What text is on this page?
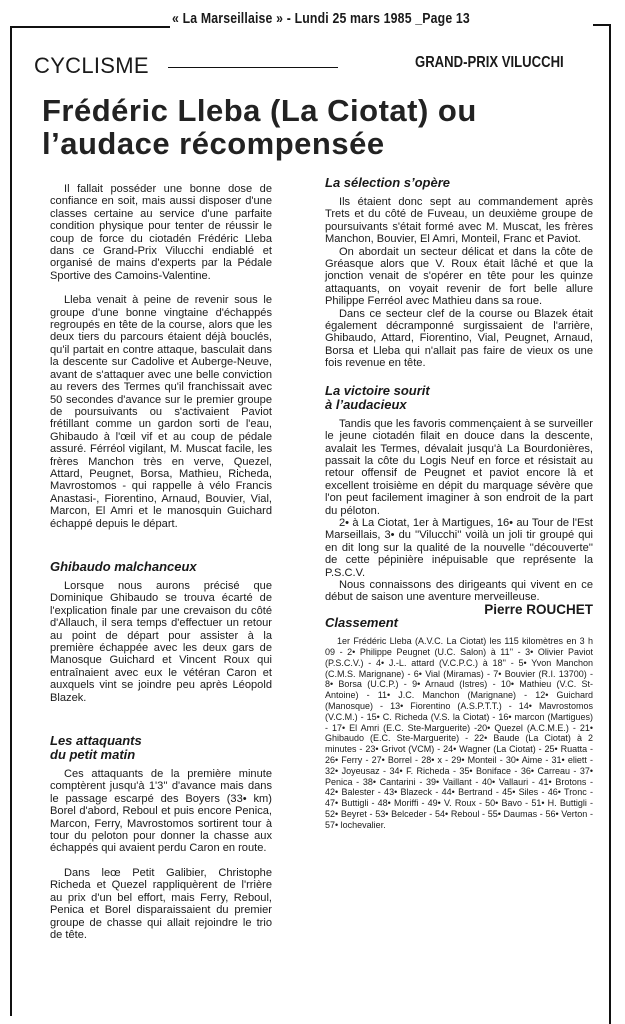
« La Marseillaise » - Lundi 25 mars 1985 _Page 13
CYCLISME	GRAND-PRIX VILUCCHI
Frédéric Lleba (La Ciotat) ou
l’audace récompensée

Il fallait posséder une bonne dose de confiance en soit, mais aussi disposer d'une classes certaine au service d'une parfaite condition physique pour tenter de réussir le coup de force du ciotadén Frédéric Lleba dans ce Grand-Prix Vilucchi endiablé et organisé de mains d'experts par la Pédale Sportive des Camoins-Valentine.

Lleba venait à peine de revenir sous le groupe d'une bonne vingtaine d'échappés regroupés en tête de la course, alors que les deux tiers du parcours étaient déjà bouclés, qu'il partait en contre attaque, basculait dans la descente sur Cadolive et Auberge-Neuve, avant de s'attaquer avec une belle conviction au revers des Termes qu'il franchissait avec 50 secondes d'avance sur le premier groupe de poursuivants ou s'activaient Paviot frétillant comme un gardon sorti de l'eau, Ghibaudo à l'œil vif et au coup de pédale assuré. Férréol vigilant, M. Muscat facile, les frères Manchon très en verve, Quezel, Attard, Peugnet, Borsa, Mathieu, Richeda, Mavrostomos - qui rappelle à vélo Francis Anastasi-, Fiorentino, Arnaud, Bouvier, Vial, Marcon, El Amri et le manosquin Guichard échappé depuis le départ.

Ghibaudo malchanceux

Lorsque nous aurons précisé que Dominique Ghibaudo se trouva écarté de l'explication finale par une crevaison du côté d'Allauch, il sera temps d'effectuer un retour au point de départ pour assister à la première échappée avec les deux gars de Manosque Guichard et Vincent Roux qui entraînaient avec eux le vétéran Caron et auxquels vint se joindre peu après Léopold Blazek.

Les attaquants

du petit matin

Ces attaquants de la première minute comptèrent jusqu'à 1'3'' d'avance mais dans le passage escarpé des Boyers (33• km) Borel d'abord, Reboul et puis encore Penica, Marcon, Ferry, Mavrostomos sortirent tour à tour du peloton pour donner la chasse aux échappés qui avaient perdu Caron en route.

Dans leœ Petit Galibier, Christophe Richeda et Quezel rappliquèrent de l'rrière au prix d'un bel effort, mais Ferry, Reboul, Penica et Borel disparaissaient du premier groupe de chasse qui allait rejoindre le trio de tête.

La sélection s’opère

Ils étaient donc sept au commandement après Trets et du côté de Fuveau, un deuxième groupe de poursuivants s'était formé avec M. Muscat, les frères Manchon, Bouvier, El Amri, Monteil, Franc et Paviot.

On abordait un secteur délicat et dans la côte de Gréasque alors que V. Roux était lâché et que la jonction venait de s'opérer en tête pour les quinze attaquants, on voyait revenir de fort belle allure Philippe Ferréol avec Mathieu dans sa roue.

Dans ce secteur clef de la course ou Blazek était également décramponné surgissaient de l'arrière, Ghibaudo, Attard, Fiorentino, Vial, Peugnet, Arnaud, Borsa et Lleba qui n'allait pas faire de vieux os une fois revenue en tête.

La victoire sourit

à l’audacieux

Tandis que les favoris commençaient à se surveiller le jeune ciotadén filait en douce dans la descente, avalait les Termes, dévalait jusqu'à La Bourdonières, passait la côte du Logis Neuf en force et résistait au retour offensif de Peugnet et paviot encore là et excellent troisième en dépit du marquage sévère que l'on peut facilement imaginer à son endroit de la part du péloton.

2• à La Ciotat, 1er à Martigues, 16• au Tour de l'Est Marseillais, 3• du ''Vilucchi'' voilà un joli tir groupé qui en dit long sur la qualité de la nouvelle ''découverte'' de cette pépinière inépuisable que représente la P.S.C.V.

Nous connaissons des dirigeants qui vivent en ce début de saison une aventure merveilleuse.

Pierre ROUCHET

Classement

1er Frédéric Lleba (A.V.C. La Ciotat) les 115 kilomètres en 3 h 09 - 2• Philippe Peugnet (U.C. Salon) à 11'' - 3• Olivier Paviot (P.S.C.V.) - 4• J.-L. attard (V.C.P.C.) à 18'' - 5• Yvon Manchon (C.M.S. Marignane) - 6• Vial (Miramas) - 7• Bouvier (R.I. 13700) - 8• Borsa (U.C.P.) - 9• Arnaud (Istres) - 10• Mathieu (V.C. St-Antoine) - 11• J.C. Manchon (Marignane) - 12• Guichard (Manosque) - 13• Fiorentino (A.S.P.T.T.) - 14• Mavrostomos (V.C.M.) - 15• C. Richeda (V.S. la Ciotat) - 16• marcon (Martigues) - 17• El Amri (E.C. Ste-Marguerite) -20• Quezel (A.C.M.E.) - 21• Ghibaudo (E.C. Ste-Marguerite) - 22• Baude (La Ciotat) à 2 minutes - 23• Grivot (VCM) - 24• Wagner (La Ciotat) - 25• Ruatta - 26• Ferry - 27• Borrel - 28• x - 29• Monteil - 30• Aime - 31• eliett - 32• Joyeusaz - 34• F. Richeda - 35• Boniface - 36• Carreau - 37• Penica - 38• Cantarini - 39• Vaillant - 40• Vallauri - 41• Brotons - 42• Balester - 43• Blazeck - 44• Bertrand - 45• Siles - 46• Tronc - 47• Buttigli - 48• Moriffi - 49• V. Roux - 50• Bavo - 51• H. Buttigli - 52• Beyret - 53• Belceder - 54• Reboul - 55• Daumas - 56• Verton - 57• lochevalier.
